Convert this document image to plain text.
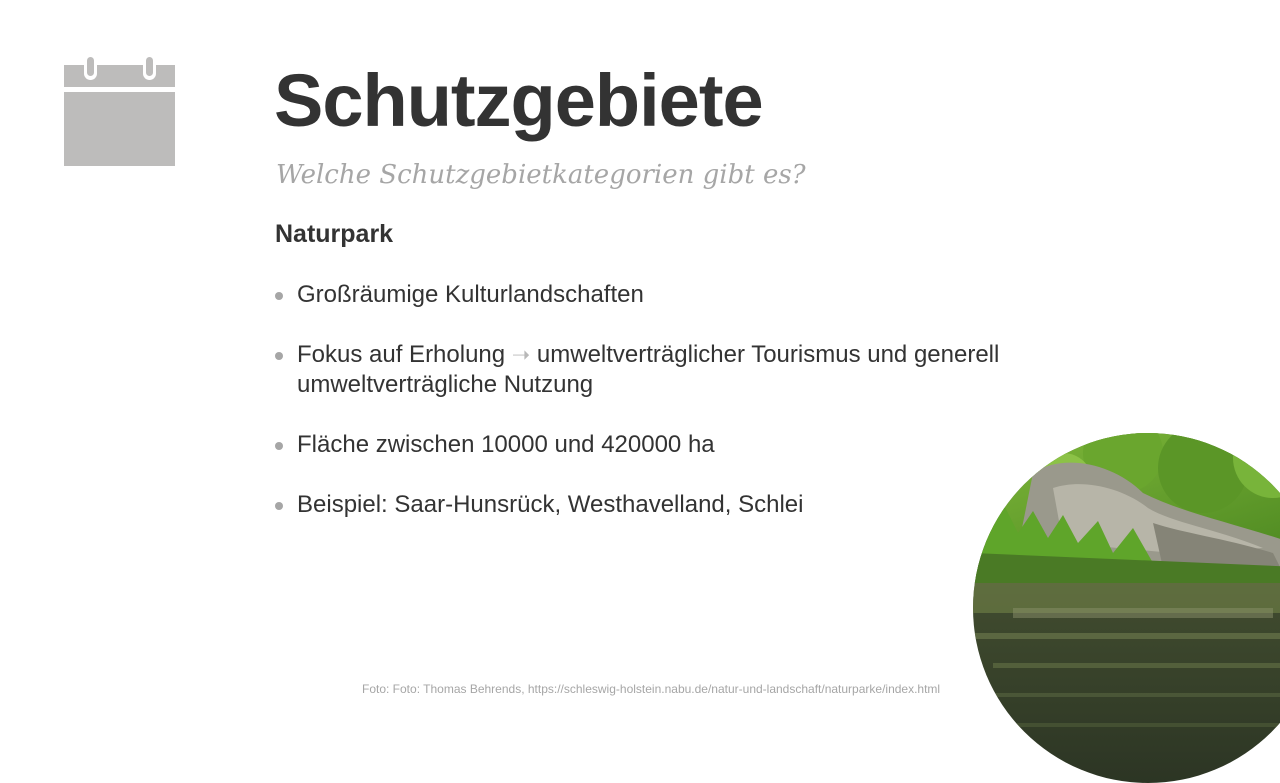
Schutzgebiete

Welche Schutzgebietkategorien gibt es?

Naturpark

Großräumige Kulturlandschaften
Fokus auf Erholung ➝ umweltverträglicher Tourismus und generell umweltverträgliche Nutzung
Fläche zwischen 10000 und 420000 ha
Beispiel: Saar-Hunsrück, Westhavelland, Schlei

Foto: Foto: Thomas Behrends, https://schleswig-holstein.nabu.de/natur-und-landschaft/naturparke/index.html
